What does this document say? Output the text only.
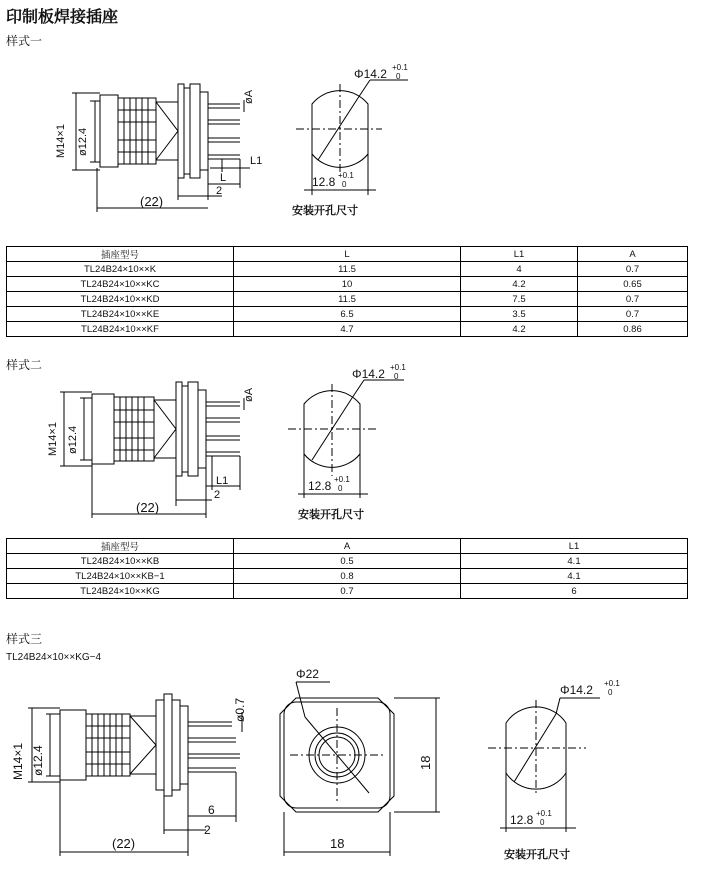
印制板焊接插座
样式一
M14×1 ø12.4
øA
L1
L
2
(22)
Φ14.2 +0.1
0
12.8 +0.1
0
安装开孔尺寸
插座型号	L	L1	A
TL24B24×10××K	11.5	4	0.7
TL24B24×10××KC	10	4.2	0.65
TL24B24×10××KD	11.5	7.5	0.7
TL24B24×10××KE	6.5	3.5	0.7
TL24B24×10××KF	4.7	4.2	0.86
样式二
M14×1 ø12.4
øA
L1
2
(22)
Φ14.2 +0.1
0
12.8 +0.1
0
安装开孔尺寸
插座型号	A	L1
TL24B24×10××KB	0.5	4.1
TL24B24×10××KB−1	0.8	4.1
TL24B24×10××KG	0.7	6
样式三
TL24B24×10××KG−4
M14×1 ø12.4
ø0.7
6
2
(22)
Φ22
18
18
Φ14.2 +0.1
0
12.8 +0.1
0
安装开孔尺寸
